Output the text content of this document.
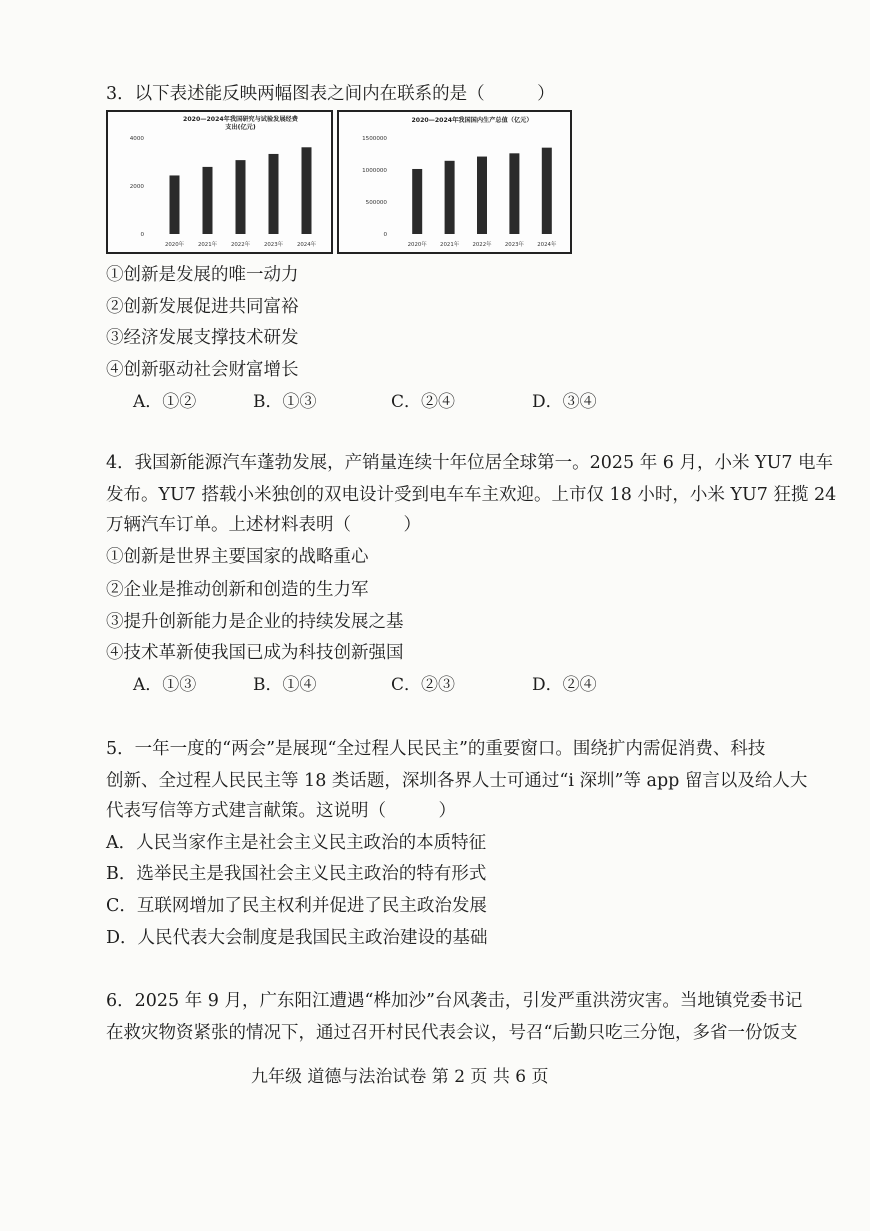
3．以下表述能反映两幅图表之间内在联系的是（　　　）
2020—2024年我国研究与试验发展经费
支出(亿元)
4000
2000
0
2020年	2021年	2022年	2023年	2024年
2020—2024年我国国内生产总值（亿元）
1500000
1000000
500000
0
2020年 2021年 2022年 2023年 2024年
①创新是发展的唯一动力
②创新发展促进共同富裕
③经济发展支撑技术研发
④创新驱动社会财富增长
A．①②	B．①③	C．②④	D．③④
4．我国新能源汽车蓬勃发展，产销量连续十年位居全球第一。2025 年 6 月，小米 YU7 电车
发布。YU7 搭载小米独创的双电设计受到电车车主欢迎。上市仅 18 小时，小米 YU7 狂揽 24
万辆汽车订单。上述材料表明（　　　）
①创新是世界主要国家的战略重心
②企业是推动创新和创造的生力军
③提升创新能力是企业的持续发展之基
④技术革新使我国已成为科技创新强国
A．①③	B．①④	C．②③	D．②④
5．一年一度的“两会”是展现“全过程人民民主”的重要窗口。围绕扩内需促消费、科技
创新、全过程人民民主等 18 类话题，深圳各界人士可通过“i 深圳”等 app 留言以及给人大
代表写信等方式建言献策。这说明（　　　）
A．人民当家作主是社会主义民主政治的本质特征
B．选举民主是我国社会主义民主政治的特有形式
C．互联网增加了民主权利并促进了民主政治发展
D．人民代表大会制度是我国民主政治建设的基础
6．2025 年 9 月，广东阳江遭遇“桦加沙”台风袭击，引发严重洪涝灾害。当地镇党委书记
在救灾物资紧张的情况下，通过召开村民代表会议，号召“后勤只吃三分饱，多省一份饭支
九年级 道德与法治试卷 第 2 页 共 6 页
